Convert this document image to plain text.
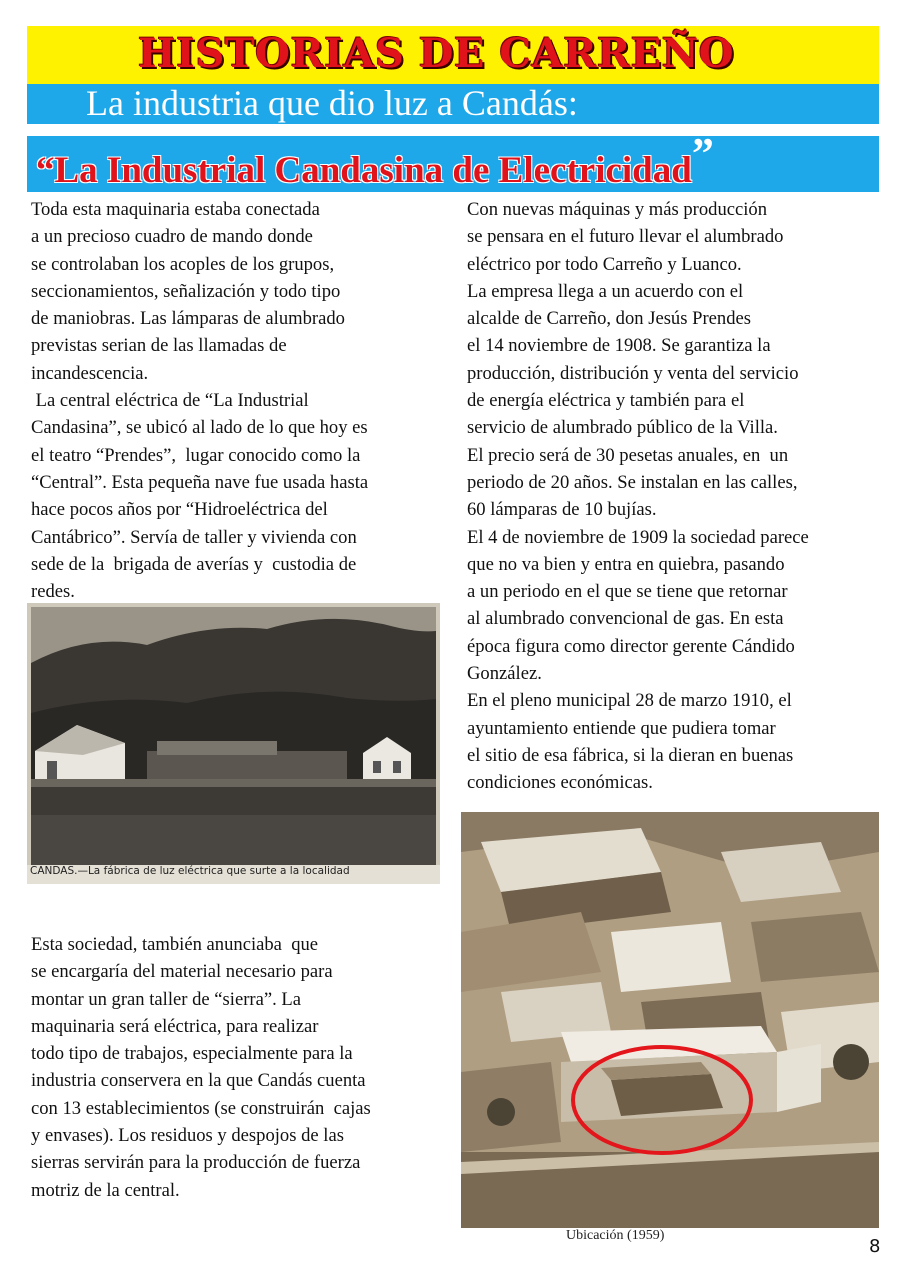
HISTORIAS DE CARREÑO
La industria que dio luz a Candás:
“La Industrial Candasina de Electricidad”
Toda esta maquinaria estaba conectada
a un precioso cuadro de mando donde
se controlaban los acoples de los grupos,
seccionamientos, señalización y todo tipo
de maniobras. Las lámparas de alumbrado
previstas serian de las llamadas de
incandescencia.
La central eléctrica de “La Industrial
Candasina”, se ubicó al lado de lo que hoy es
el teatro “Prendes”,  lugar conocido como la
“Central”. Esta pequeña nave fue usada hasta
hace pocos años por “Hidroeléctrica del
Cantábrico”. Servía de taller y vivienda con
sede de la  brigada de averías y  custodia de
redes.
Con nuevas máquinas y más producción
se pensara en el futuro llevar el alumbrado
eléctrico por todo Carreño y Luanco.
La empresa llega a un acuerdo con el
alcalde de Carreño, don Jesús Prendes
el 14 noviembre de 1908. Se garantiza la
producción, distribución y venta del servicio
de energía eléctrica y también para el
servicio de alumbrado público de la Villa.
El precio será de 30 pesetas anuales, en  un
periodo de 20 años. Se instalan en las calles,
60 lámparas de 10 bujías.
El 4 de noviembre de 1909 la sociedad parece
que no va bien y entra en quiebra, pasando
a un periodo en el que se tiene que retornar
al alumbrado convencional de gas. En esta
época figura como director gerente Cándido
González.
En el pleno municipal 28 de marzo 1910, el
ayuntamiento entiende que pudiera tomar
el sitio de esa fábrica, si la dieran en buenas
condiciones económicas.
Esta sociedad, también anunciaba  que
se encargaría del material necesario para
montar un gran taller de “sierra”. La
maquinaria será eléctrica, para realizar
todo tipo de trabajos, especialmente para la
industria conservera en la que Candás cuenta
con 13 establecimientos (se construirán  cajas
y envases). Los residuos y despojos de las
sierras servirán para la producción de fuerza
motriz de la central.
CANDAS.—La fábrica de luz eléctrica que surte a la localidad
Ubicación (1959)
8
